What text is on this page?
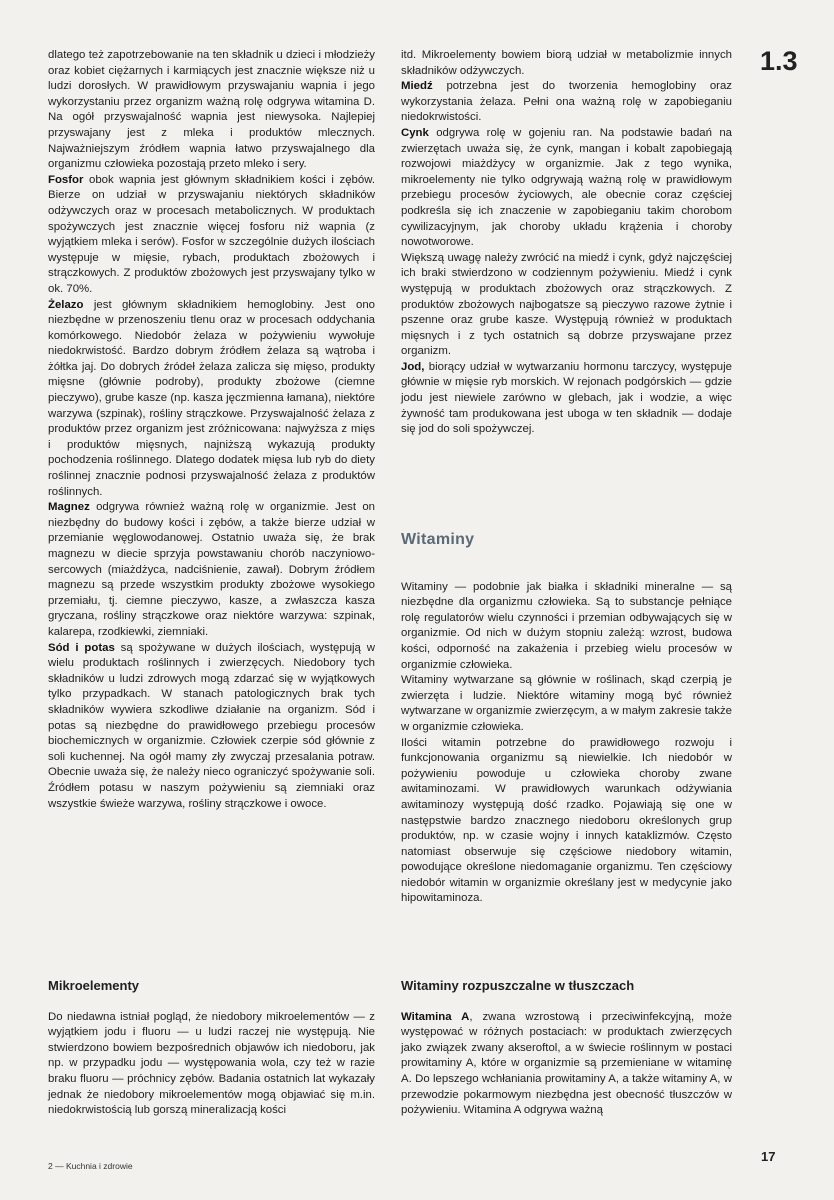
1.3

dlatego też zapotrzebowanie na ten składnik u dzieci i młodzieży oraz kobiet ciężarnych i karmiących jest znacznie większe niż u ludzi dorosłych. W prawidłowym przyswajaniu wapnia i jego wykorzystaniu przez organizm ważną rolę odgrywa witamina D. Na ogół przyswajalność wapnia jest niewysoka. Najlepiej przyswajany jest z mleka i produktów mlecznych. Najważniejszym źródłem wapnia łatwo przyswajalnego dla organizmu człowieka pozostają przeto mleko i sery.

Fosfor obok wapnia jest głównym składnikiem kości i zębów. Bierze on udział w przyswajaniu niektórych składników odżywczych oraz w procesach metabolicznych. W produktach spożywczych jest znacznie więcej fosforu niż wapnia (z wyjątkiem mleka i serów). Fosfor w szczególnie dużych ilościach występuje w mięsie, rybach, produktach zbożowych i strączkowych. Z produktów zbożowych jest przyswajany tylko w ok. 70%.

Żelazo jest głównym składnikiem hemoglobiny. Jest ono niezbędne w przenoszeniu tlenu oraz w procesach oddychania komórkowego. Niedobór żelaza w pożywieniu wywołuje niedokrwistość. Bardzo dobrym źródłem żelaza są wątroba i żółtka jaj. Do dobrych źródeł żelaza zalicza się mięso, produkty mięsne (głównie podroby), produkty zbożowe (ciemne pieczywo), grube kasze (np. kasza jęczmienna łamana), niektóre warzywa (szpinak), rośliny strączkowe. Przyswajalność żelaza z produktów przez organizm jest zróżnicowana: najwyższa z mięs i produktów mięsnych, najniższą wykazują produkty pochodzenia roślinnego. Dlatego dodatek mięsa lub ryb do diety roślinnej znacznie podnosi przyswajalność żelaza z produktów roślinnych.

Magnez odgrywa również ważną rolę w organizmie. Jest on niezbędny do budowy kości i zębów, a także bierze udział w przemianie węglowodanowej. Ostatnio uważa się, że brak magnezu w diecie sprzyja powstawaniu chorób naczyniowo-sercowych (miażdżyca, nadciśnienie, zawał). Dobrym źródłem magnezu są przede wszystkim produkty zbożowe wysokiego przemiału, tj. ciemne pieczywo, kasze, a zwłaszcza kasza gryczana, rośliny strączkowe oraz niektóre warzywa: szpinak, kalarepa, rzodkiewki, ziemniaki.

Sód i potas są spożywane w dużych ilościach, występują w wielu produktach roślinnych i zwierzęcych. Niedobory tych składników u ludzi zdrowych mogą zdarzać się w wyjątkowych tylko przypadkach. W stanach patologicznych brak tych składników wywiera szkodliwe działanie na organizm. Sód i potas są niezbędne do prawidłowego przebiegu procesów biochemicznych w organizmie. Człowiek czerpie sód głównie z soli kuchennej. Na ogół mamy zły zwyczaj przesalania potraw. Obecnie uważa się, że należy nieco ograniczyć spożywanie soli. Źródłem potasu w naszym pożywieniu są ziemniaki oraz wszystkie świeże warzywa, rośliny strączkowe i owoce.

Mikroelementy

Do niedawna istniał pogląd, że niedobory mikroelementów — z wyjątkiem jodu i fluoru — u ludzi raczej nie występują. Nie stwierdzono bowiem bezpośrednich objawów ich niedoboru, jak np. w przypadku jodu — występowania wola, czy też w razie braku fluoru — próchnicy zębów. Badania ostatnich lat wykazały jednak że niedobory mikroelementów mogą objawiać się m.in. niedokrwistością lub gorszą mineralizacją kości

itd. Mikroelementy bowiem biorą udział w metabolizmie innych składników odżywczych.

Miedź potrzebna jest do tworzenia hemoglobiny oraz wykorzystania żelaza. Pełni ona ważną rolę w zapobieganiu niedokrwistości.

Cynk odgrywa rolę w gojeniu ran. Na podstawie badań na zwierzętach uważa się, że cynk, mangan i kobalt zapobiegają rozwojowi miażdżycy w organizmie. Jak z tego wynika, mikroelementy nie tylko odgrywają ważną rolę w prawidłowym przebiegu procesów życiowych, ale obecnie coraz częściej podkreśla się ich znaczenie w zapobieganiu takim chorobom cywilizacyjnym, jak choroby układu krążenia i choroby nowotworowe.

Większą uwagę należy zwrócić na miedź i cynk, gdyż najczęściej ich braki stwierdzono w codziennym pożywieniu. Miedź i cynk występują w produktach zbożowych oraz strączkowych. Z produktów zbożowych najbogatsze są pieczywo razowe żytnie i pszenne oraz grube kasze. Występują również w produktach mięsnych i z tych ostatnich są dobrze przyswajane przez organizm.

Jod, biorący udział w wytwarzaniu hormonu tarczycy, występuje głównie w mięsie ryb morskich. W rejonach podgórskich — gdzie jodu jest niewiele zarówno w glebach, jak i wodzie, a więc żywność tam produkowana jest uboga w ten składnik — dodaje się jod do soli spożywczej.

Witaminy

Witaminy — podobnie jak białka i składniki mineralne — są niezbędne dla organizmu człowieka. Są to substancje pełniące rolę regulatorów wielu czynności i przemian odbywających się w organizmie. Od nich w dużym stopniu zależą: wzrost, budowa kości, odporność na zakażenia i przebieg wielu procesów w organizmie człowieka.

Witaminy wytwarzane są głównie w roślinach, skąd czerpią je zwierzęta i ludzie. Niektóre witaminy mogą być również wytwarzane w organizmie zwierzęcym, a w małym zakresie także w organizmie człowieka.

Ilości witamin potrzebne do prawidłowego rozwoju i funkcjonowania organizmu są niewielkie. Ich niedobór w pożywieniu powoduje u człowieka choroby zwane awitaminozami. W prawidłowych warunkach odżywiania awitaminozy występują dość rzadko. Pojawiają się one w następstwie bardzo znacznego niedoboru określonych grup produktów, np. w czasie wojny i innych kataklizmów. Często natomiast obserwuje się częściowe niedobory witamin, powodujące określone niedomaganie organizmu. Ten częściowy niedobór witamin w organizmie określany jest w medycynie jako hipowitaminoza.

Witaminy rozpuszczalne w tłuszczach

Witamina A, zwana wzrostową i przeciwinfekcyjną, może występować w różnych postaciach: w produktach zwierzęcych jako związek zwany akseroftol, a w świecie roślinnym w postaci prowitaminy A, które w organizmie są przemieniane w witaminę A. Do lepszego wchłaniania prowitaminy A, a także witaminy A, w przewodzie pokarmowym niezbędna jest obecność tłuszczów w pożywieniu. Witamina A odgrywa ważną

17
2 — Kuchnia i zdrowie
